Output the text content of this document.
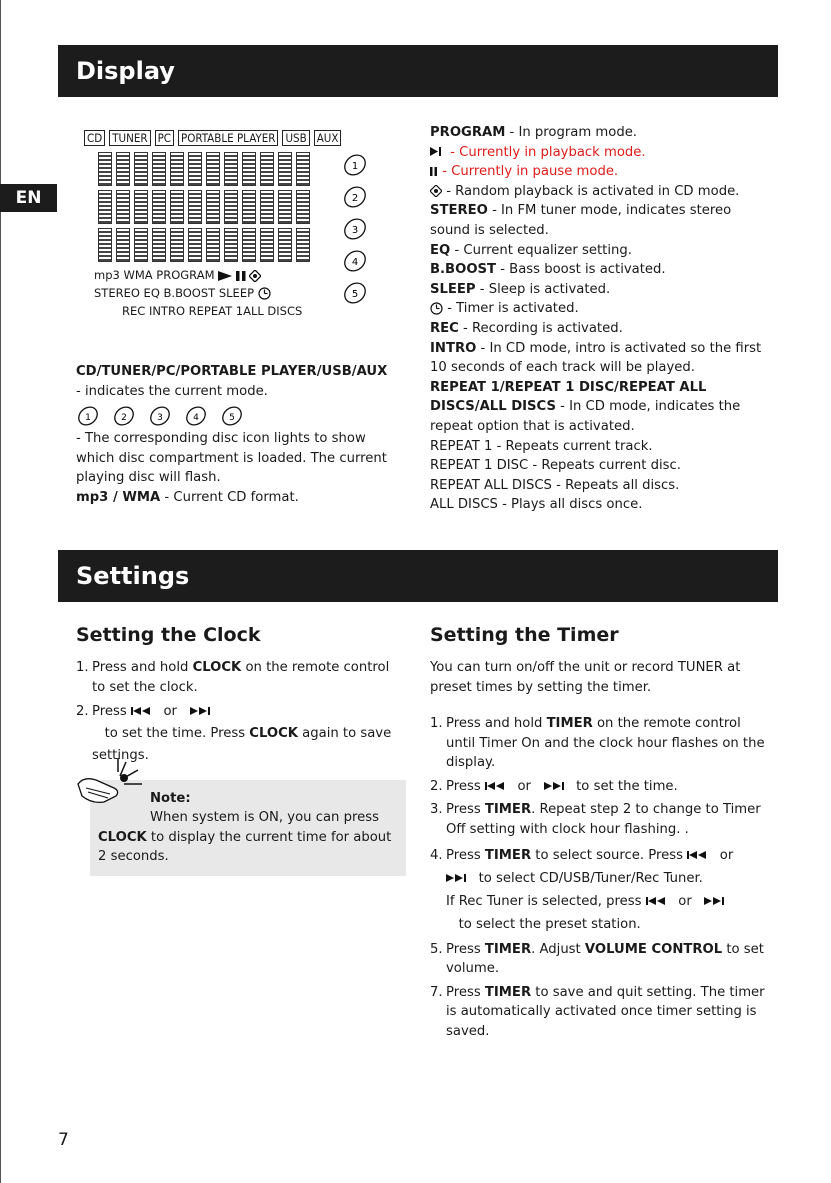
Display
EN
CD TUNER PC PORTABLE PLAYER USB AUX
mp3 WMA PROGRAM
STEREO EQ B.BOOST SLEEP
REC INTRO REPEAT 1ALL DISCS
1
2
3
4
5

CD/TUNER/PC/PORTABLE PLAYER/USB/AUX - indicates the current mode.

1	2	3	4	5

- The corresponding disc icon lights to show which disc compartment is loaded. The current playing disc will flash.

mp3 / WMA - Current CD format.

PROGRAM - In program mode.

- Currently in playback mode.

- Currently in pause mode.

- Random playback is activated in CD mode.

STEREO - In FM tuner mode, indicates stereo sound is selected.

EQ - Current equalizer setting.

B.BOOST - Bass boost is activated.

SLEEP - Sleep is activated.

- Timer is activated.

REC - Recording is activated.

INTRO - In CD mode, intro is activated so the first 10 seconds of each track will be played.

REPEAT 1/REPEAT 1 DISC/REPEAT ALL DISCS/ALL DISCS - In CD mode, indicates the repeat option that is activated.

REPEAT 1 - Repeats current track.

REPEAT 1 DISC - Repeats current disc.

REPEAT ALL DISCS - Repeats all discs.

ALL DISCS - Plays all discs once.

Settings
Setting the Clock
1. Press and hold CLOCK on the remote control to set the clock.
2. Press    or      to set the time. Press CLOCK again to save settings.
Note:
When system is ON, you can press CLOCK to display the current time for about 2 seconds.
Setting the Timer
You can turn on/off the unit or record TUNER at preset times by setting the timer.
1. Press and hold TIMER on the remote control until Timer On and the clock hour flashes on the display.
2. Press    or      to set the time.
3. Press TIMER. Repeat step 2 to change to Timer Off setting with clock hour flashing. .
4. Press TIMER to select source. Press    or
to select CD/USB/Tuner/Rec Tuner.
If Rec Tuner is selected, press    or      to select the preset station.
5. Press TIMER. Adjust VOLUME CONTROL to set volume.
7. Press TIMER to save and quit setting. The timer is automatically activated once timer setting is saved.
7
